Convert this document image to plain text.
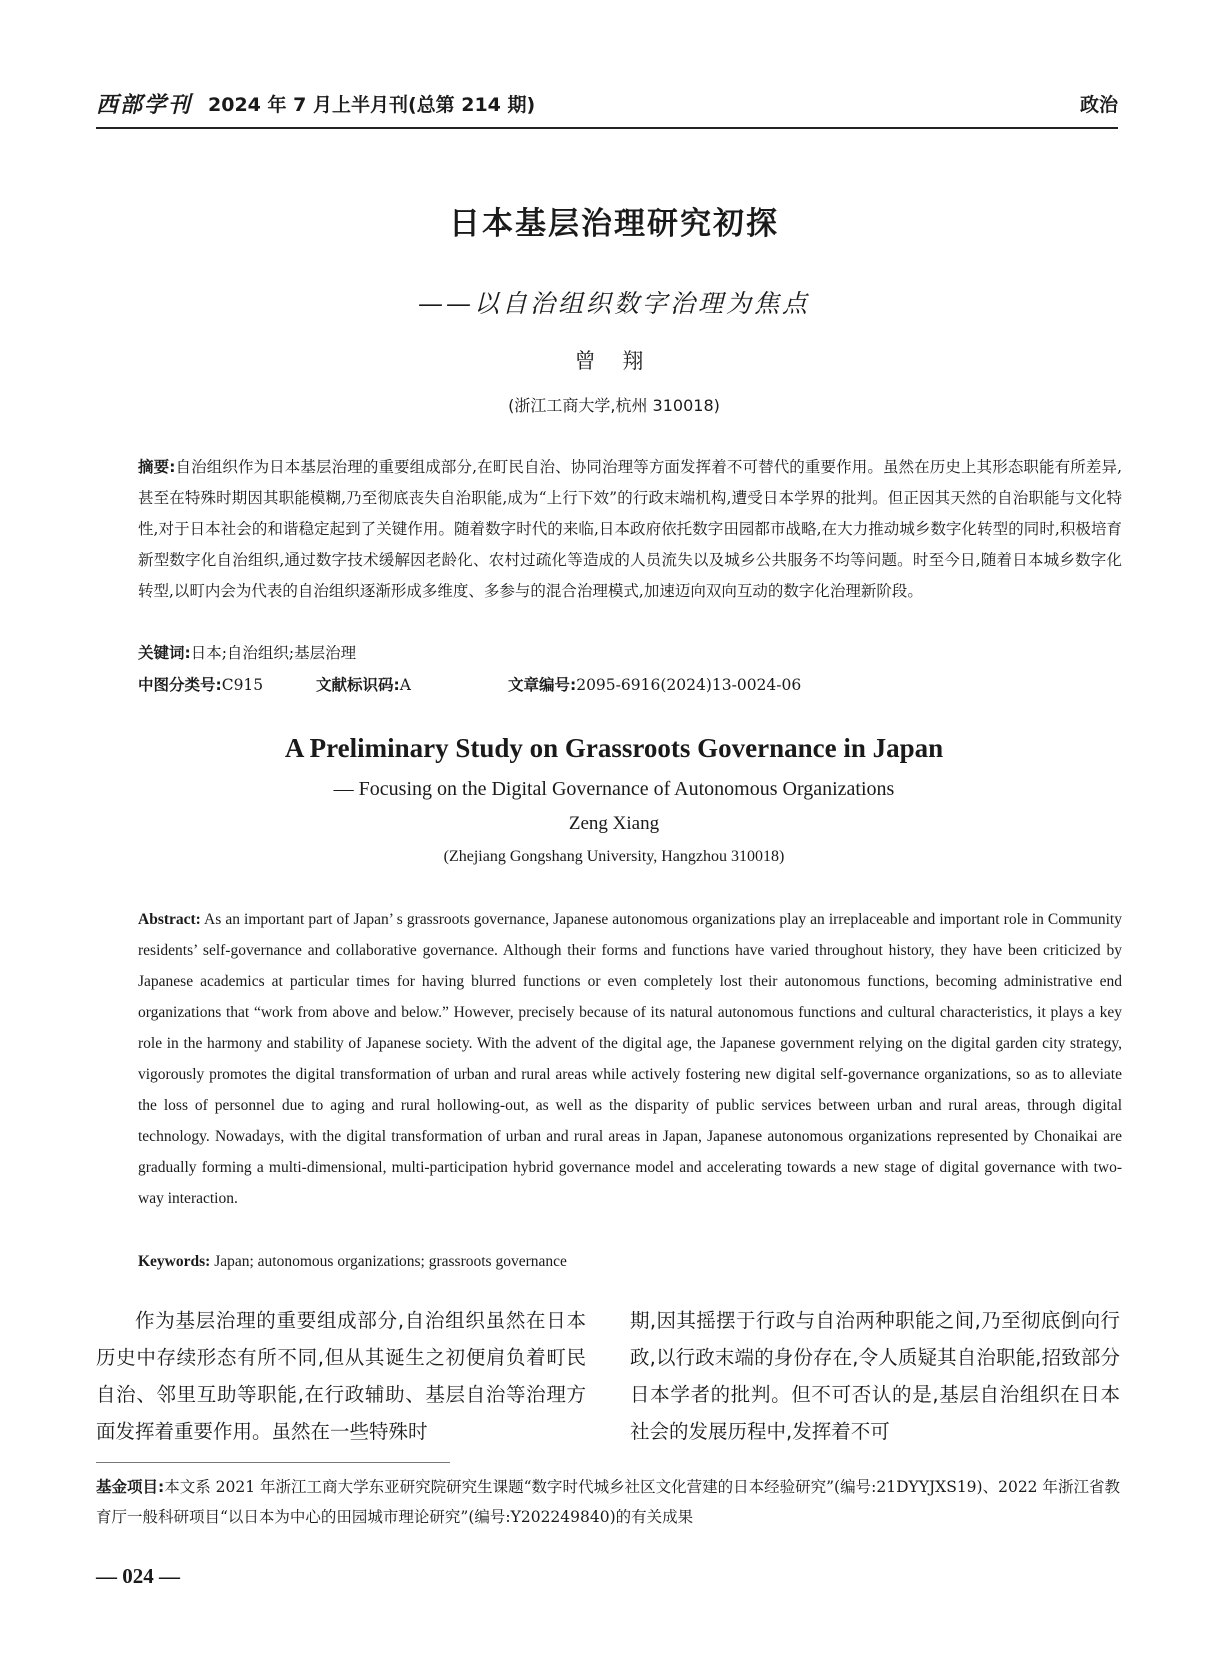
西部学刊 2024 年 7 月上半月刊(总第 214 期)	政治
日本基层治理研究初探
——以自治组织数字治理为焦点
曾 翔
(浙江工商大学,杭州 310018)

摘要:自治组织作为日本基层治理的重要组成部分,在町民自治、协同治理等方面发挥着不可替代的重要作用。虽然在历史上其形态职能有所差异,甚至在特殊时期因其职能模糊,乃至彻底丧失自治职能,成为“上行下效”的行政末端机构,遭受日本学界的批判。但正因其天然的自治职能与文化特性,对于日本社会的和谐稳定起到了关键作用。随着数字时代的来临,日本政府依托数字田园都市战略,在大力推动城乡数字化转型的同时,积极培育新型数字化自治组织,通过数字技术缓解因老龄化、农村过疏化等造成的人员流失以及城乡公共服务不均等问题。时至今日,随着日本城乡数字化转型,以町内会为代表的自治组织逐渐形成多维度、多参与的混合治理模式,加速迈向双向互动的数字化治理新阶段。

关键词:日本;自治组织;基层治理
中图分类号:C915	文献标识码:A	文章编号:2095-6916(2024)13-0024-06
A Preliminary Study on Grassroots Governance in Japan
— Focusing on the Digital Governance of Autonomous Organizations
Zeng Xiang
(Zhejiang Gongshang University, Hangzhou 310018)

Abstract: As an important part of Japan’ s grassroots governance, Japanese autonomous organizations play an irreplaceable and important role in Community residents’ self-governance and collaborative governance. Although their forms and functions have varied throughout history, they have been criticized by Japanese academics at particular times for having blurred functions or even completely lost their autonomous functions, becoming administrative end organizations that “work from above and below.” However, precisely because of its natural autonomous functions and cultural characteristics, it plays a key role in the harmony and stability of Japanese society. With the advent of the digital age, the Japanese government relying on the digital garden city strategy, vigorously promotes the digital transformation of urban and rural areas while actively fostering new digital self-governance organizations, so as to alleviate the loss of personnel due to aging and rural hollowing-out, as well as the disparity of public services between urban and rural areas, through digital technology. Nowadays, with the digital transformation of urban and rural areas in Japan, Japanese autonomous organizations represented by Chonaikai are gradually forming a multi-dimensional, multi-participation hybrid governance model and accelerating towards a new stage of digital governance with two-way interaction.

Keywords: Japan; autonomous organizations; grassroots governance

作为基层治理的重要组成部分,自治组织虽然在日本历史中存续形态有所不同,但从其诞生之初便肩负着町民自治、邻里互助等职能,在行政辅助、基层自治等治理方面发挥着重要作用。虽然在一些特殊时

期,因其摇摆于行政与自治两种职能之间,乃至彻底倒向行政,以行政末端的身份存在,令人质疑其自治职能,招致部分日本学者的批判。但不可否认的是,基层自治组织在日本社会的发展历程中,发挥着不可

基金项目:本文系 2021 年浙江工商大学东亚研究院研究生课题“数字时代城乡社区文化营建的日本经验研究”(编号:21DYYJXS19)、2022 年浙江省教育厅一般科研项目“以日本为中心的田园城市理论研究”(编号:Y202249840)的有关成果

— 024 —
